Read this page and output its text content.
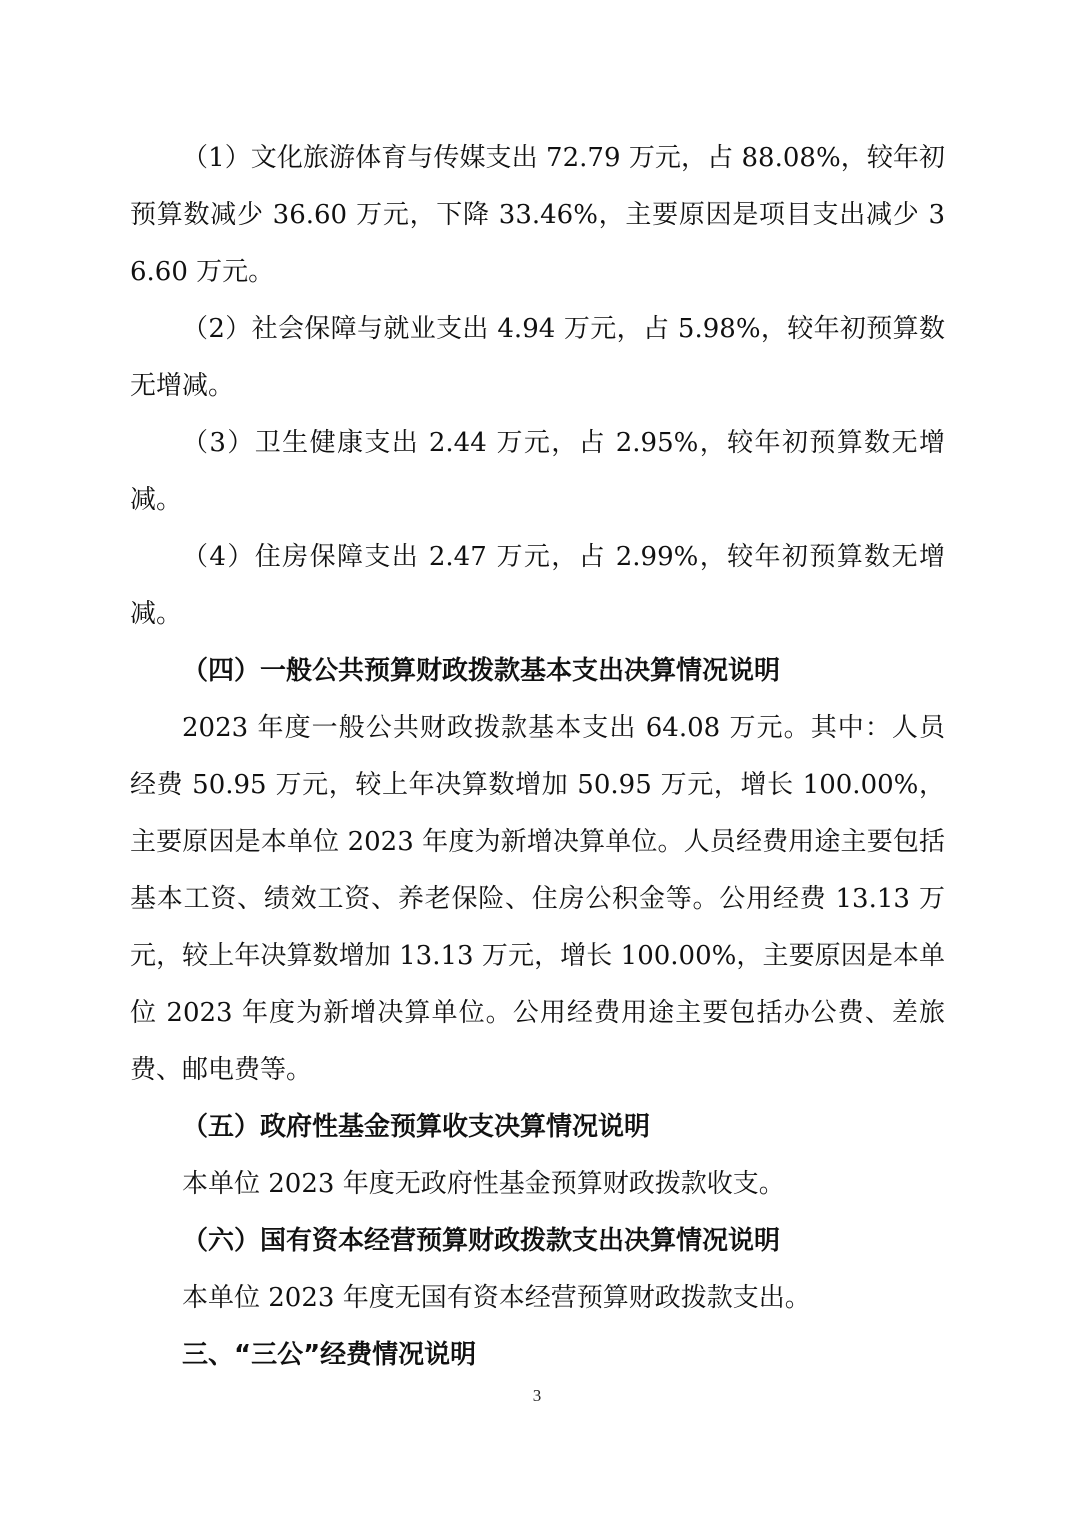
（1）文化旅游体育与传媒支出 72.79 万元，占 88.08%，较年初预算数减少 36.60 万元，下降 33.46%，主要原因是项目支出减少 36.60 万元。

（2）社会保障与就业支出 4.94 万元，占 5.98%，较年初预算数无增减。

（3）卫生健康支出 2.44 万元，占 2.95%，较年初预算数无增减。

（4）住房保障支出 2.47 万元，占 2.99%，较年初预算数无增减。

（四）一般公共预算财政拨款基本支出决算情况说明

2023 年度一般公共财政拨款基本支出 64.08 万元。其中：人员经费 50.95 万元，较上年决算数增加 50.95 万元，增长 100.00%，主要原因是本单位 2023 年度为新增决算单位。人员经费用途主要包括基本工资、绩效工资、养老保险、住房公积金等。公用经费 13.13 万元，较上年决算数增加 13.13 万元，增长 100.00%，主要原因是本单位 2023 年度为新增决算单位。公用经费用途主要包括办公费、差旅费、邮电费等。

（五）政府性基金预算收支决算情况说明

本单位 2023 年度无政府性基金预算财政拨款收支。

（六）国有资本经营预算财政拨款支出决算情况说明

本单位 2023 年度无国有资本经营预算财政拨款支出。

三、“三公”经费情况说明
3
